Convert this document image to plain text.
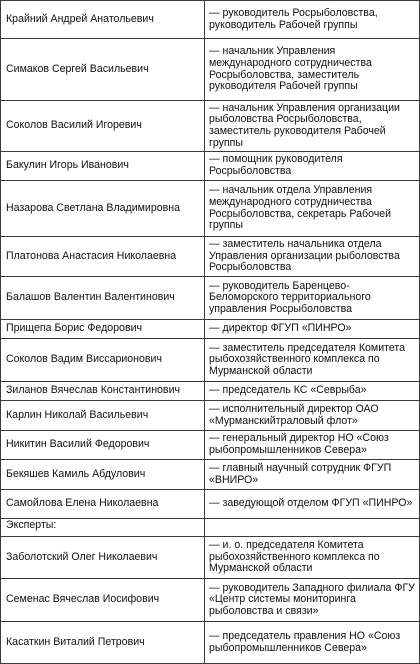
Крайний Андрей Анатольевич	— руководитель Росрыболовства, руководитель Рабочей группы
Симаков Сергей Васильевич	— начальник Управления международного сотрудничества Росрыболовства, заместитель руководителя Рабочей группы
Соколов Василий Игоревич	— начальник Управления организации рыболовства Росрыболовства, заместитель руководителя Рабочей группы
Бакулин Игорь Иванович	— помощник руководителя Росрыболовства
Назарова Светлана Владимировна	— начальник отдела Управления международного сотрудничества Росрыболовства, секретарь Рабочей группы
Платонова Анастасия Николаевна	— заместитель начальника отдела Управления организации рыболовства Росрыболовства
Балашов Валентин Валентинович	— руководитель Баренцево-Беломорского территориального управления Росрыболовства
Прищепа Борис Федорович	— директор ФГУП «ПИНРО»
Соколов Вадим Виссарионович	— заместитель председателя Комитета рыбохозяйственного комплекса по Мурманской области
Зиланов Вячеслав Константинович	— председатель КС «Севрыба»
Карлин Николай Васильевич	— исполнительный директор ОАО «Мурманскийтраловый флот»
Никитин Василий Федорович	— генеральный директор НО «Союз рыбопромышленников Севера»
Бекяшев Камиль Абдулович	— главный научный сотрудник ФГУП «ВНИРО»
Самойлова Елена Николаевна	— заведующой отделом ФГУП «ПИНРО»
Эксперты:	
Заболотский Олег Николаевич	— и. о. председателя Комитета рыбохозяйственного комплекса по Мурманской области
Семенас Вячеслав Иосифович	— руководитель Западного филиала ФГУ «Центр системы мониторинга рыболовства и связи»
Касаткин Виталий Петрович	— председатель правления НО «Союз рыбопромышленников Севера»
